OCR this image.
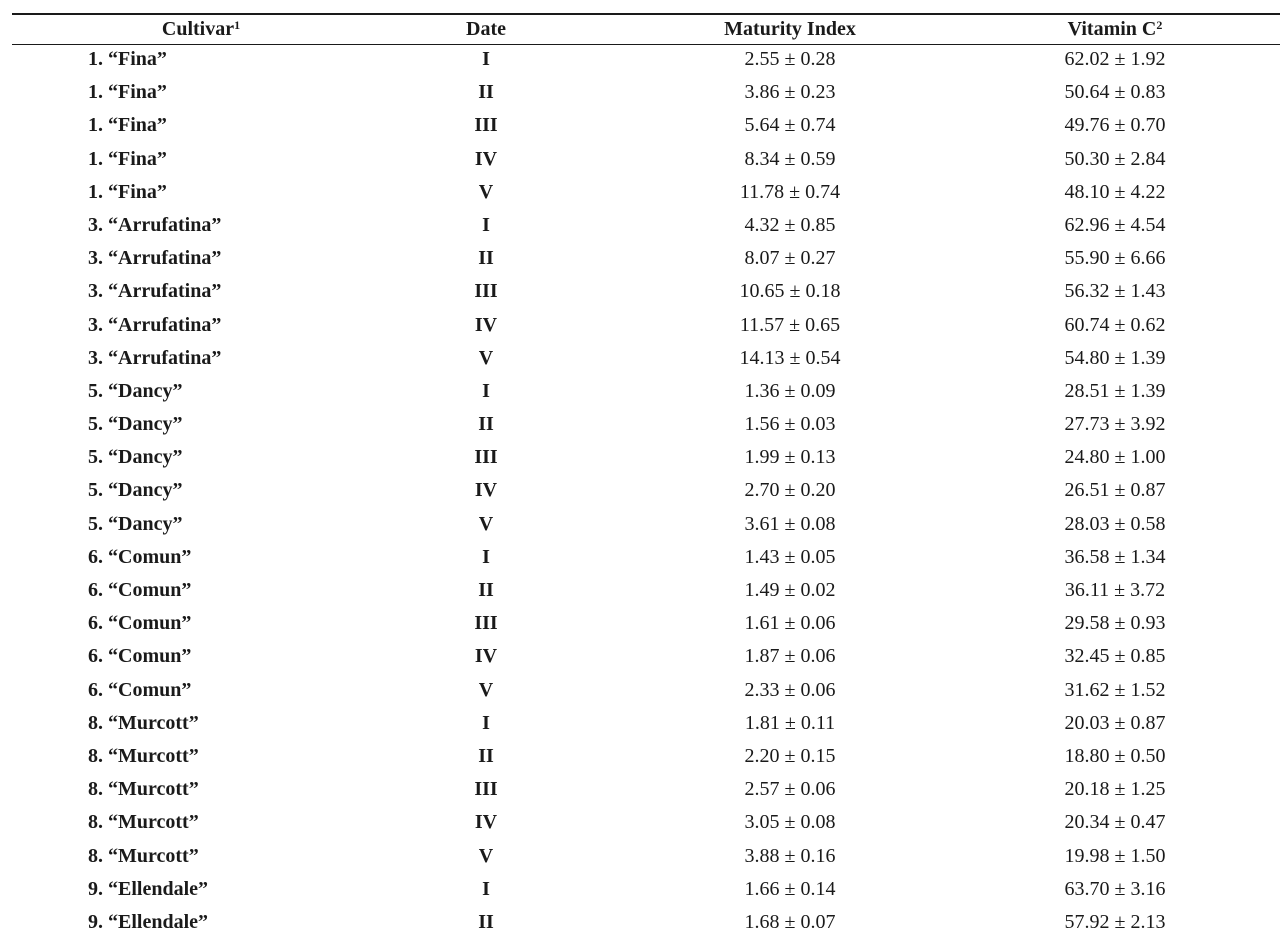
Cultivar$^1$	Date	Maturity Index	Vitamin $C^2$
1. “Fina”	I	2.55 ± 0.28	62.02 ± 1.92
1. “Fina”	II	3.86 ± 0.23	50.64 ± 0.83
1. “Fina”	III	5.64 ± 0.74	49.76 ± 0.70
1. “Fina”	IV	8.34 ± 0.59	50.30 ± 2.84
1. “Fina”	V	11.78 ± 0.74	48.10 ± 4.22
3. “Arrufatina”	I	4.32 ± 0.85	62.96 ± 4.54
3. “Arrufatina”	II	8.07 ± 0.27	55.90 ± 6.66
3. “Arrufatina”	III	10.65 ± 0.18	56.32 ± 1.43
3. “Arrufatina”	IV	11.57 ± 0.65	60.74 ± 0.62
3. “Arrufatina”	V	14.13 ± 0.54	54.80 ± 1.39
5. “Dancy”	I	1.36 ± 0.09	28.51 ± 1.39
5. “Dancy”	II	1.56 ± 0.03	27.73 ± 3.92
5. “Dancy”	III	1.99 ± 0.13	24.80 ± 1.00
5. “Dancy”	IV	2.70 ± 0.20	26.51 ± 0.87
5. “Dancy”	V	3.61 ± 0.08	28.03 ± 0.58
6. “Comun”	I	1.43 ± 0.05	36.58 ± 1.34
6. “Comun”	II	1.49 ± 0.02	36.11 ± 3.72
6. “Comun”	III	1.61 ± 0.06	29.58 ± 0.93
6. “Comun”	IV	1.87 ± 0.06	32.45 ± 0.85
6. “Comun”	V	2.33 ± 0.06	31.62 ± 1.52
8. “Murcott”	I	1.81 ± 0.11	20.03 ± 0.87
8. “Murcott”	II	2.20 ± 0.15	18.80 ± 0.50
8. “Murcott”	III	2.57 ± 0.06	20.18 ± 1.25
8. “Murcott”	IV	3.05 ± 0.08	20.34 ± 0.47
8. “Murcott”	V	3.88 ± 0.16	19.98 ± 1.50
9. “Ellendale”	I	1.66 ± 0.14	63.70 ± 3.16
9. “Ellendale”	II	1.68 ± 0.07	57.92 ± 2.13
